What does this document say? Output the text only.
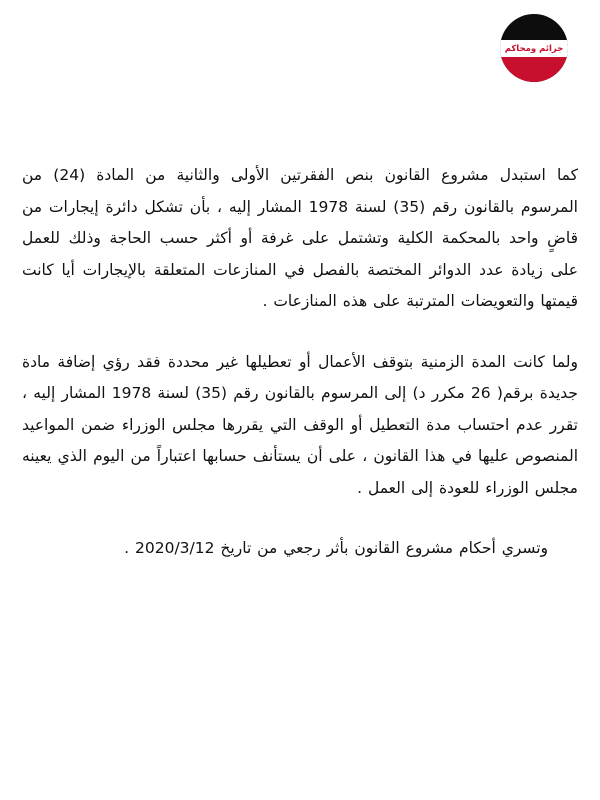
جرائم ومحاكم

كما استبدل مشروع القانون بنص الفقرتين الأولى والثانية من المادة (24) من المرسوم بالقانون رقم (35) لسنة 1978 المشار إليه ، بأن تشكل دائرة إيجارات من قاضٍ واحد بالمحكمة الكلية وتشتمل على غرفة أو أكثر حسب الحاجة وذلك للعمل على زيادة عدد الدوائر المختصة بالفصل في المنازعات المتعلقة بالإيجارات أيا كانت قيمتها والتعويضات المترتبة على هذه المنازعات .

ولما كانت المدة الزمنية بتوقف الأعمال أو تعطيلها غير محددة فقد رؤي إضافة مادة جديدة برقم( 26 مكرر د) إلى المرسوم بالقانون رقم (35) لسنة 1978 المشار إليه ، تقرر عدم احتساب مدة التعطيل أو الوقف التي يقررها مجلس الوزراء ضمن المواعيد المنصوص عليها في هذا القانون ، على أن يستأنف حسابها اعتباراً من اليوم الذي يعينه مجلس الوزراء للعودة إلى العمل .

وتسري أحكام مشروع القانون بأثر رجعي من تاريخ 2020/3/12 .
